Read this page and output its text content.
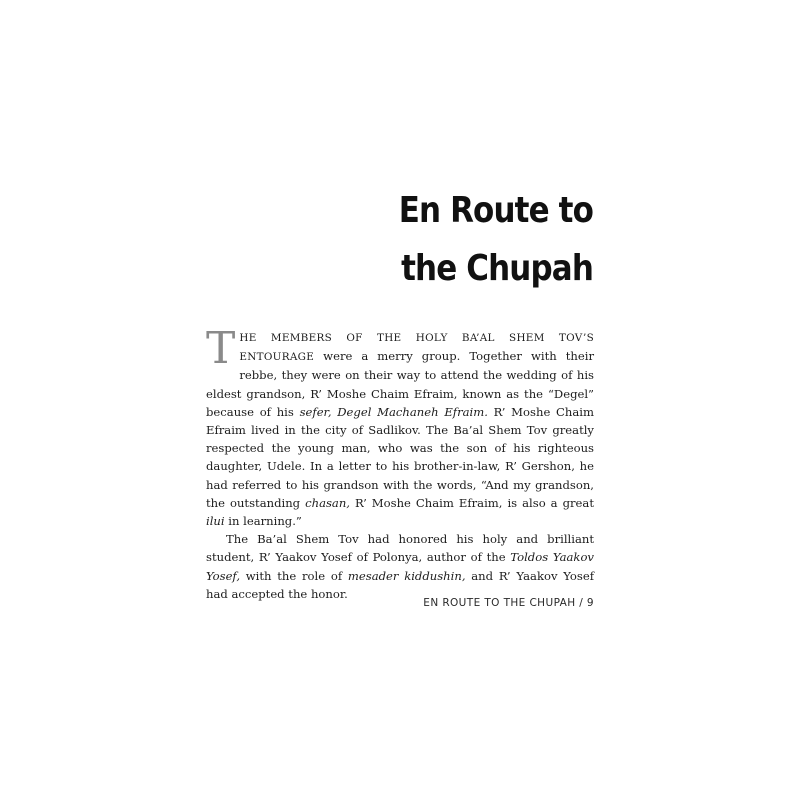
En Route to
the Chupah

THE MEMBERS OF THE HOLY BA’AL SHEM TOV’S ENTOURAGE were a merry group. Together with their rebbe, they were on their way to attend the wedding of his eldest grandson, R’ Moshe Chaim Efraim, known as the “Degel” because of his sefer, Degel Machaneh Efraim. R’ Moshe Chaim Efraim lived in the city of Sadlikov. The Ba’al Shem Tov greatly respected the young man, who was the son of his righteous daughter, Udele. In a letter to his brother-in-law, R’ Gershon, he had referred to his grandson with the words, “And my grandson, the outstanding chasan, R’ Moshe Chaim Efraim, is also a great ilui in learning.”

The Ba’al Shem Tov had honored his holy and brilliant student, R’ Yaakov Yosef of Polonya, author of the Toldos Yaakov Yosef, with the role of mesader kiddushin, and R’ Yaakov Yosef had accepted the honor.

EN ROUTE TO THE CHUPAH / 9
